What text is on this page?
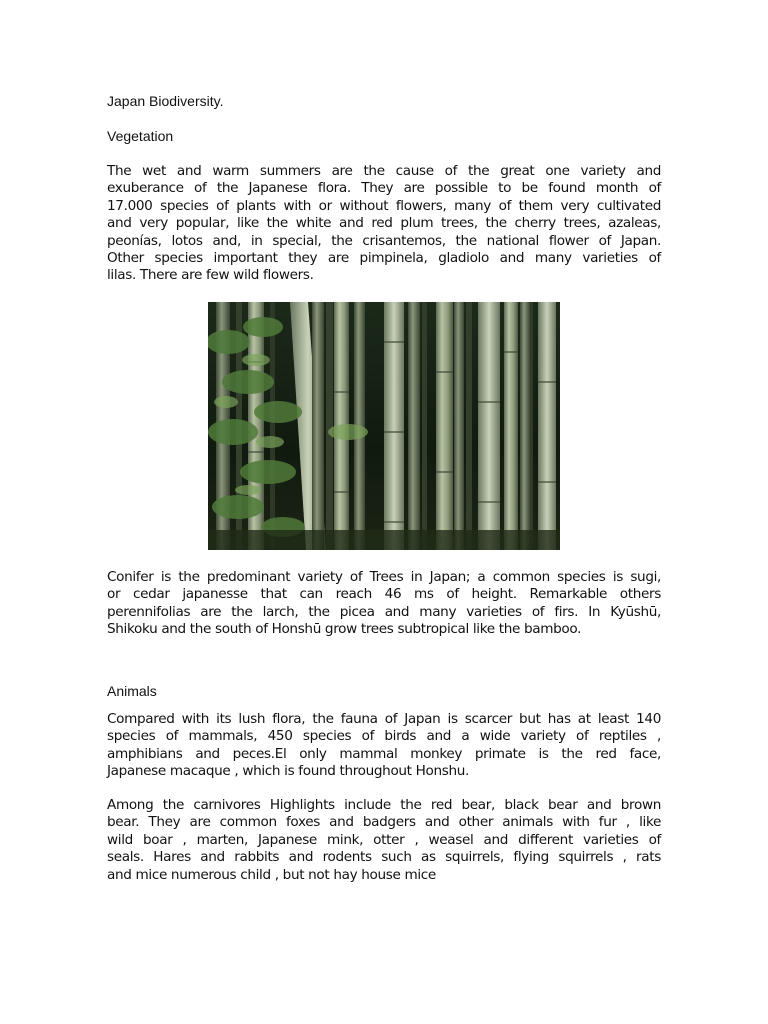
Japan Biodiversity.

Vegetation

The wet and warm summers are the cause of the great one variety and
exuberance of the Japanese flora. They are possible to be found month of
17.000 species of plants with or without flowers, many of them very cultivated
and very popular, like the white and red plum trees, the cherry trees, azaleas,
peonías, lotos and, in special, the crisantemos, the national flower of Japan.
Other species important they are pimpinela, gladiolo and many varieties of
lilas. There are few wild flowers.
Conifer is the predominant variety of Trees in Japan; a common species is sugi,
or cedar japanesse that can reach 46 ms of height. Remarkable others
perennifolias are the larch, the picea and many varieties of firs. In Kyūshū,
Shikoku and the south of Honshū grow trees subtropical like the bamboo.

Animals

Compared with its lush flora, the fauna of Japan is scarcer but has at least 140
species of mammals, 450 species of birds and a wide variety of reptiles ,
amphibians and peces.El only mammal monkey primate is the red face,
Japanese macaque , which is found throughout Honshu.
Among the carnivores Highlights include the red bear, black bear and brown
bear. They are common foxes and badgers and other animals with fur , like
wild boar , marten, Japanese mink, otter , weasel and different varieties of
seals. Hares and rabbits and rodents such as squirrels, flying squirrels , rats
and mice numerous child , but not hay house mice
